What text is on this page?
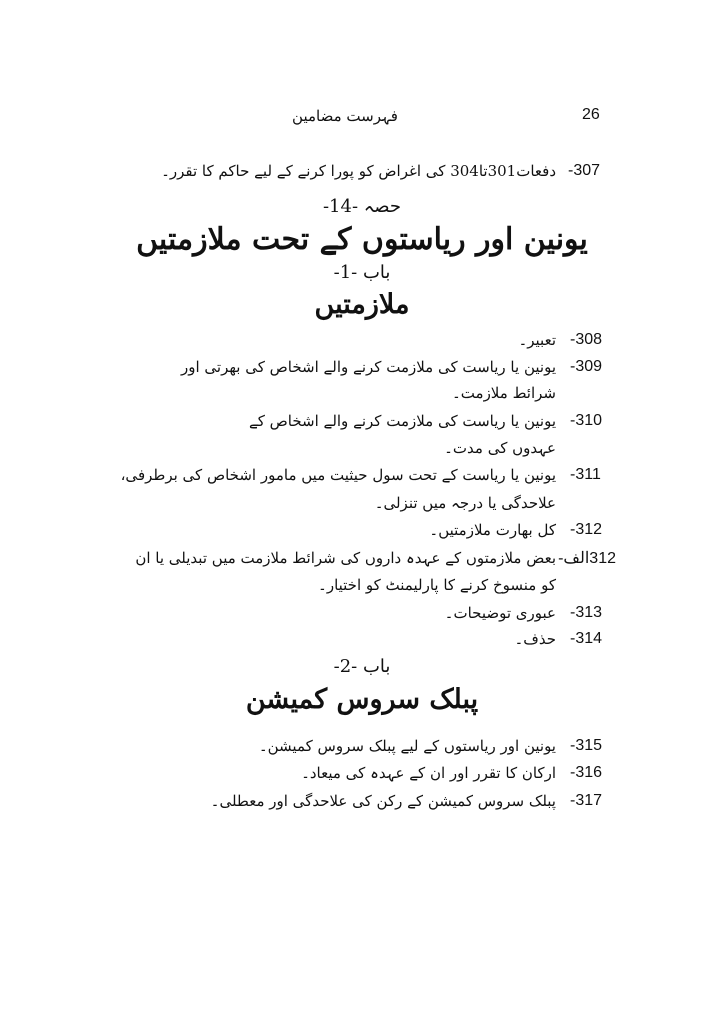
26
فہرست مضامین
-307
دفعات301تا304 کی اغراض کو پورا کرنے کے لیے حاکم کا تقرر۔
حصہ -14-
یونین اور ریاستوں کے تحت ملازمتیں
باب -1-
ملازمتیں
-308
تعبیر۔
-309
یونین یا ریاست کی ملازمت کرنے والے اشخاص کی بھرتی اور
شرائط ملازمت۔
-310
یونین یا ریاست کی ملازمت کرنے والے اشخاص کے
عہدوں کی مدت۔
-311
یونین یا ریاست کے تحت سول حیثیت میں مامور اشخاص کی برطرفی،
علاحدگی یا درجہ میں تنزلی۔
-312
کل بھارت ملازمتیں۔
312الف-
بعض ملازمتوں کے عہدہ داروں کی شرائط ملازمت میں تبدیلی یا ان
کو منسوخ کرنے کا پارلیمنٹ کو اختیار۔
-313
عبوری توضیحات۔
-314
حذف۔
باب -2-
پبلک سروس کمیشن
-315
یونین اور ریاستوں کے لیے پبلک سروس کمیشن۔
-316
ارکان کا تقرر اور ان کے عہدہ کی میعاد۔
-317
پبلک سروس کمیشن کے رکن کی علاحدگی اور معطلی۔
